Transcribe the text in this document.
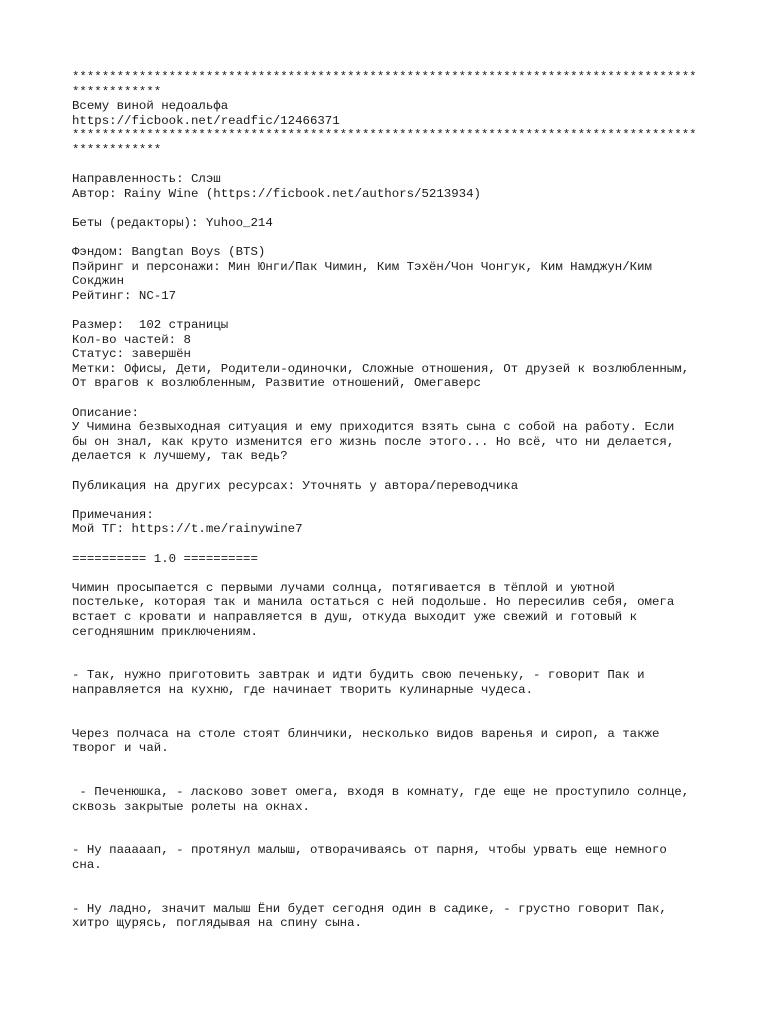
************************************************************************************
************
Всему виной недоальфа
https://ficbook.net/readfic/12466371
************************************************************************************
************
Направленность: Слэш
Автор: Rainy Wine (https://ficbook.net/authors/5213934)
Беты (редакторы): Yuhoo_214
Фэндом: Bangtan Boys (BTS)
Пэйринг и персонажи: Мин Юнги/Пак Чимин, Ким Тэхён/Чон Чонгук, Ким Намджун/Ким
Сокджин
Рейтинг: NC-17
Размер:  102 страницы
Кол-во частей: 8
Статус: завершён
Метки: Офисы, Дети, Родители-одиночки, Сложные отношения, От друзей к возлюбленным,
От врагов к возлюбленным, Развитие отношений, Омегаверс
Описание:
У Чимина безвыходная ситуация и ему приходится взять сына с собой на работу. Если
бы он знал, как круто изменится его жизнь после этого... Но всё, что ни делается,
делается к лучшему, так ведь?
Публикация на других ресурсах: Уточнять у автора/переводчика
Примечания:
Мой ТГ: https://t.me/rainywine7
========== 1.0 ==========
Чимин просыпается с первыми лучами солнца, потягивается в тёплой и уютной
постельке, которая так и манила остаться с ней подольше. Но пересилив себя, омега
встает с кровати и направляется в душ, откуда выходит уже свежий и готовый к
сегодняшним приключениям.
- Так, нужно приготовить завтрак и идти будить свою печеньку, - говорит Пак и
направляется на кухню, где начинает творить кулинарные чудеса.
Через полчаса на столе стоят блинчики, несколько видов варенья и сироп, а также
творог и чай.
- Печенюшка, - ласково зовет омега, входя в комнату, где еще не проступило солнце,
сквозь закрытые ролеты на окнах.
- Ну пааааап, - протянул малыш, отворачиваясь от парня, чтобы урвать еще немного
сна.
- Ну ладно, значит малыш Ёни будет сегодня один в садике, - грустно говорит Пак,
хитро щурясь, поглядывая на спину сына.
